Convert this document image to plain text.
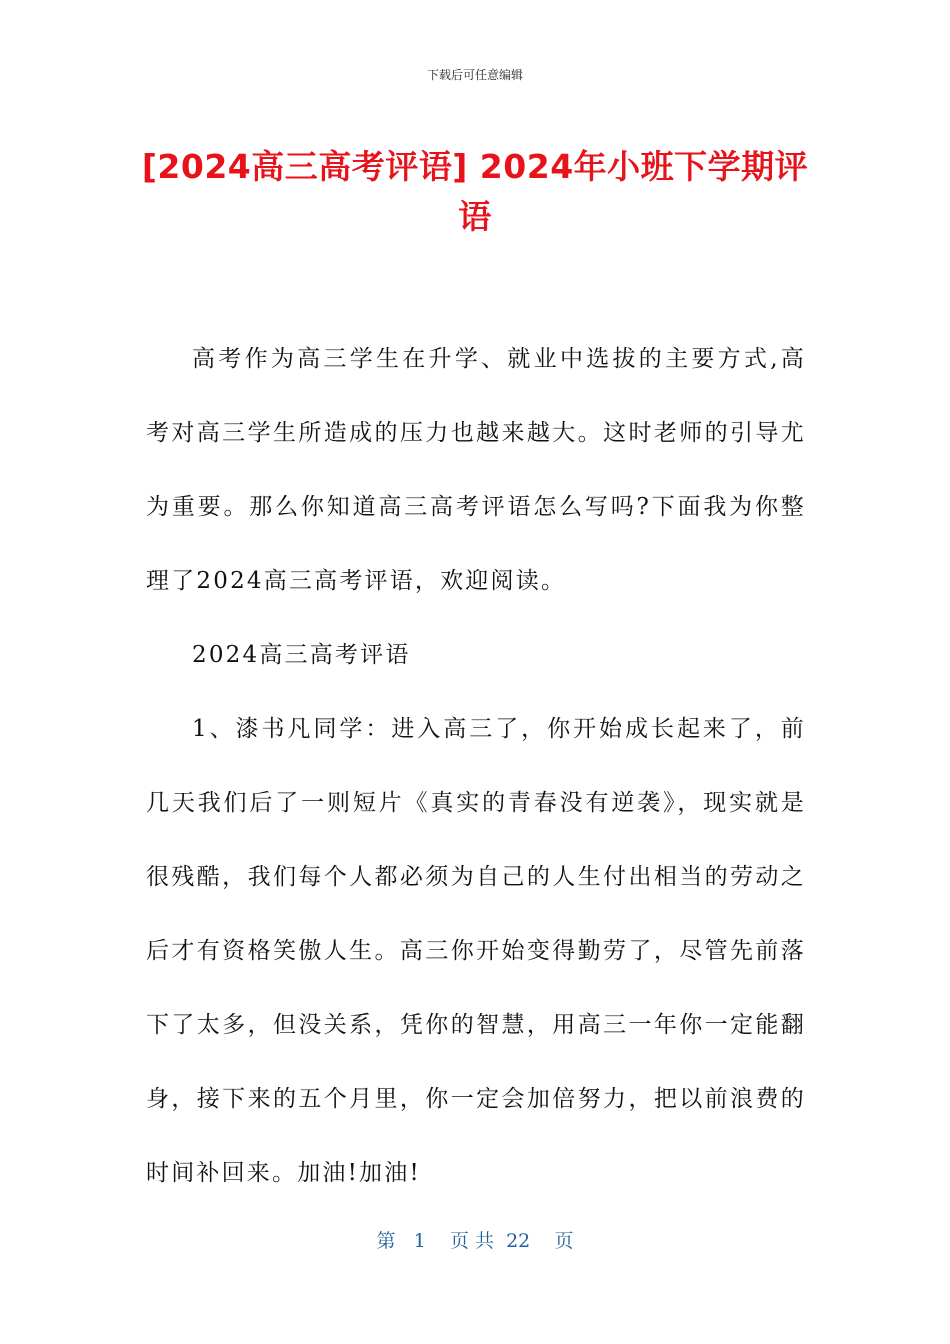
下载后可任意编辑
[2024高三高考评语] 2024年小班下学期评语

高考作为高三学生在升学、就业中选拔的主要方式,高考对高三学生所造成的压力也越来越大。这时老师的引导尤为重要。那么你知道高三高考评语怎么写吗?下面我为你整理了2024高三高考评语，欢迎阅读。

2024高三高考评语

1、漆书凡同学：进入高三了，你开始成长起来了，前几天我们后了一则短片《真实的青春没有逆袭》，现实就是很残酷，我们每个人都必须为自己的人生付出相当的劳动之后才有资格笑傲人生。高三你开始变得勤劳了，尽管先前落下了太多，但没关系，凭你的智慧，用高三一年你一定能翻身，接下来的五个月里，你一定会加倍努力，把以前浪费的时间补回来。加油!加油!

第 1 页 共 22 页
